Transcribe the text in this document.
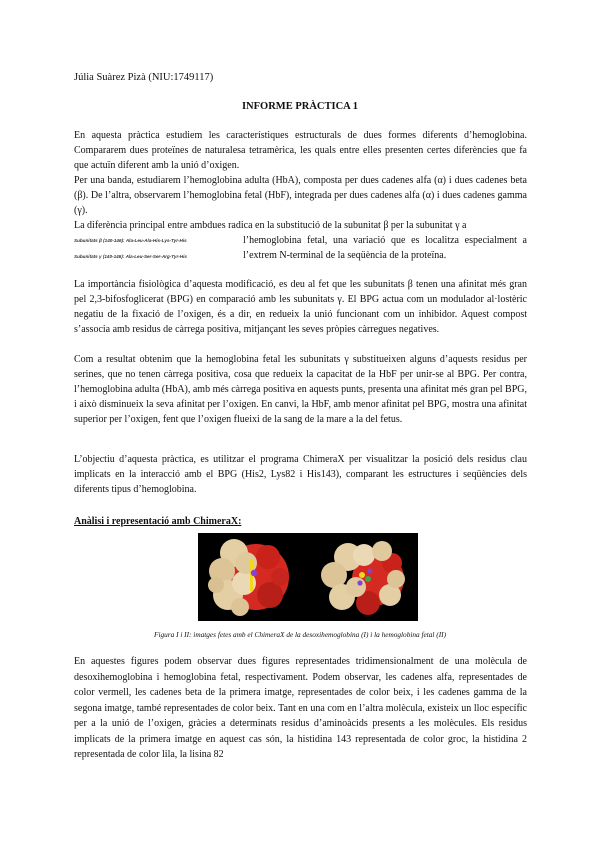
Júlia Suàrez Pizà (NIU:1749117)
INFORME PRÀCTICA 1

En aquesta pràctica estudiem les característiques estructurals de dues formes diferents d’hemoglobina. Compararem dues proteïnes de naturalesa tetramèrica, les quals entre elles presenten certes diferències que fa que actuïn diferent amb la unió d’oxigen.

Per una banda, estudiarem l’hemoglobina adulta (HbA), composta per dues cadenes alfa (α) i dues cadenes beta (β). De l’altra, observarem l’hemoglobina fetal (HbF), integrada per dues cadenes alfa (α) i dues cadenes gamma (γ).

La diferència principal entre ambdues radica en la substitució de la subunitat β per la subunitat γ a

Subunitats β (140-146): Ala-Leu-Ala-His-Lys-Tyr-His
Subunitats γ (140-146): Ala-Leu-Ser-Ser-Arg-Tyr-His

l’hemoglobina fetal, una variació que es localitza especialment a l’extrem N-terminal de la seqüència de la proteïna.

La importància fisiològica d’aquesta modificació, es deu al fet que les subunitats β tenen una afinitat més gran pel 2,3-bifosfoglicerat (BPG) en comparació amb les subunitats γ. El BPG actua com un modulador al·lostèric negatiu de la fixació de l’oxigen, és a dir, en redueix la unió funcionant com un inhibidor. Aquest compost s’associa amb residus de càrrega positiva, mitjançant les seves pròpies càrregues negatives.

Com a resultat obtenim que la hemoglobina fetal les subunitats γ substitueixen alguns d’aquests residus per serines, que no tenen càrrega positiva, cosa que redueix la capacitat de la HbF per unir-se al BPG. Per contra, l’hemoglobina adulta (HbA), amb més càrrega positiva en aquests punts, presenta una afinitat més gran pel BPG, i això disminueix la seva afinitat per l’oxigen. En canvi, la HbF, amb menor afinitat pel BPG, mostra una afinitat superior per l’oxigen, fent que l’oxigen flueixi de la sang de la mare a la del fetus.

L’objectiu d’aquesta pràctica, es utilitzar el programa ChimeraX per visualitzar la posició dels residus clau implicats en la interacció amb el BPG (His2, Lys82 i His143), comparant les estructures i seqüències dels diferents tipus d’hemoglobina.

Anàlisi i representació amb ChimeraX:
Figura I i II: imatges fetes amb el ChimeraX de la desoxihemoglobina (I) i la hemoglobina fetal (II)

En aquestes figures podem observar dues figures representades tridimensionalment de una molècula de desoxihemoglobina i hemoglobina fetal, respectivament. Podem observar, les cadenes alfa, representades de color vermell, les cadenes beta de la primera imatge, representades de color beix, i les cadenes gamma de la segona imatge, també representades de color beix. Tant en una com en l’altra molècula, existeix un lloc específic per a la unió de l’oxigen, gràcies a determinats residus d’aminoàcids presents a les molècules. Els residus implicats de la primera imatge en aquest cas són, la histidina 143 representada de color groc, la histidina 2 representada de color lila, la lisina 82
